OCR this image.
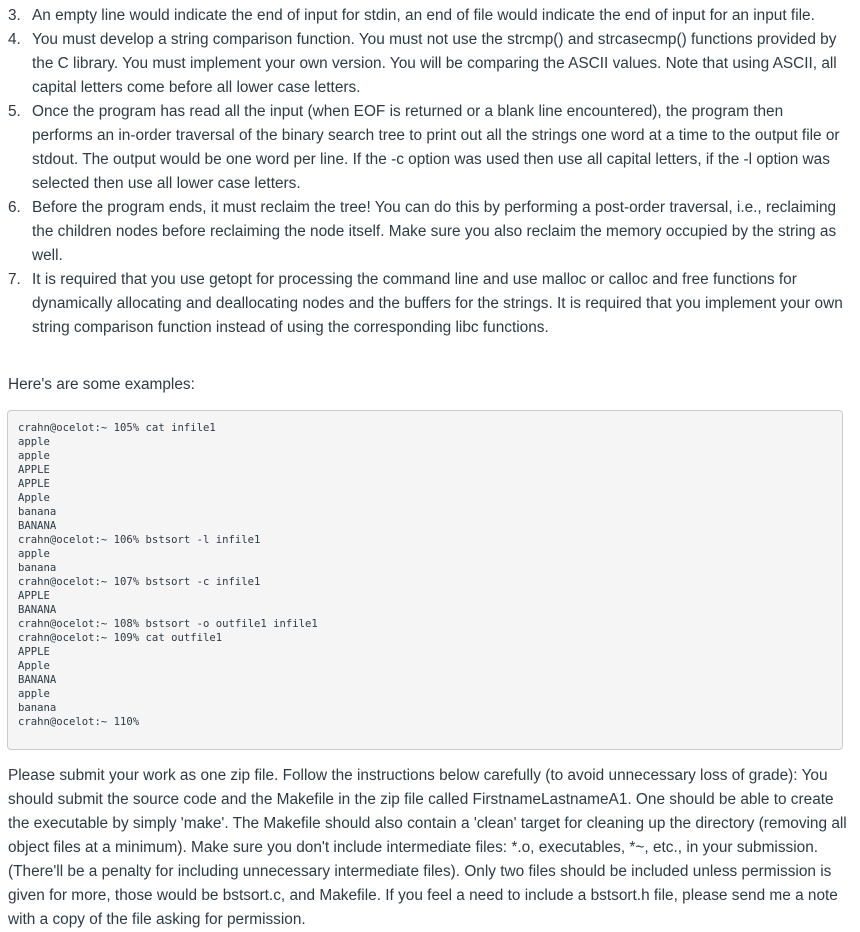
3. An empty line would indicate the end of input for stdin, an end of file would indicate the end of input for an input file.
4. You must develop a string comparison function. You must not use the strcmp() and strcasecmp() functions provided by the C library. You must implement your own version. You will be comparing the ASCII values. Note that using ASCII, all capital letters come before all lower case letters.
5. Once the program has read all the input (when EOF is returned or a blank line encountered), the program then performs an in-order traversal of the binary search tree to print out all the strings one word at a time to the output file or stdout. The output would be one word per line. If the -c option was used then use all capital letters, if the -l option was selected then use all lower case letters.
6. Before the program ends, it must reclaim the tree! You can do this by performing a post-order traversal, i.e., reclaiming the children nodes before reclaiming the node itself. Make sure you also reclaim the memory occupied by the string as well.
7. It is required that you use getopt for processing the command line and use malloc or calloc and free functions for dynamically allocating and deallocating nodes and the buffers for the strings. It is required that you implement your own string comparison function instead of using the corresponding libc functions.

Here's are some examples:

crahn@ocelot:~ 105% cat infile1
apple
apple
APPLE
APPLE
Apple
banana
BANANA
crahn@ocelot:~ 106% bstsort -l infile1
apple
banana
crahn@ocelot:~ 107% bstsort -c infile1
APPLE
BANANA
crahn@ocelot:~ 108% bstsort -o outfile1 infile1
crahn@ocelot:~ 109% cat outfile1
APPLE
Apple
BANANA
apple
banana
crahn@ocelot:~ 110%

Please submit your work as one zip file. Follow the instructions below carefully (to avoid unnecessary loss of grade): You should submit the source code and the Makefile in the zip file called FirstnameLastnameA1. One should be able to create the executable by simply 'make'. The Makefile should also contain a 'clean' target for cleaning up the directory (removing all object files at a minimum). Make sure you don't include intermediate files: *.o, executables, *~, etc., in your submission. (There'll be a penalty for including unnecessary intermediate files). Only two files should be included unless permission is given for more, those would be bstsort.c, and Makefile. If you feel a need to include a bstsort.h file, please send me a note with a copy of the file asking for permission.
